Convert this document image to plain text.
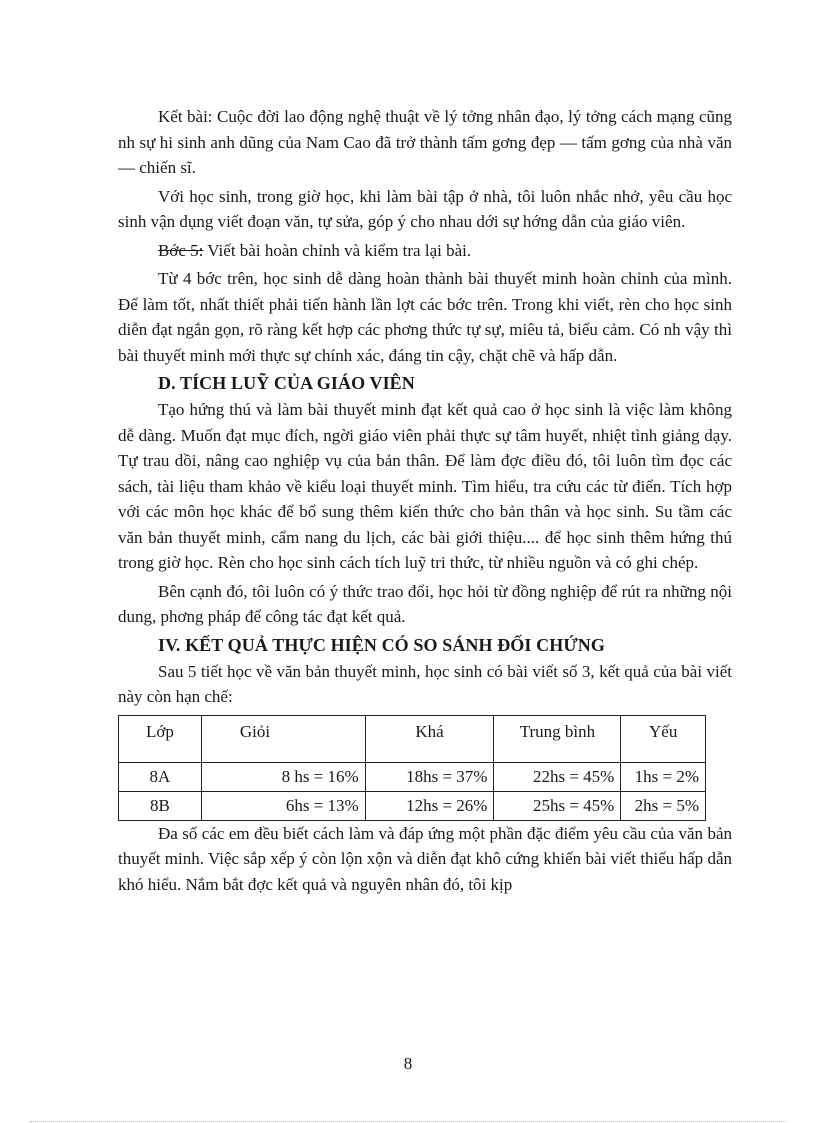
Kết bài: Cuộc đời lao động nghệ thuật về lý tởng nhân đạo, lý tởng cách mạng cũng nh sự hi sinh anh dũng của Nam Cao đã trở thành tấm gơng đẹp — tấm gơng của nhà văn — chiến sĩ.

Với học sinh, trong giờ học, khi làm bài tập ở nhà, tôi luôn nhắc nhở, yêu cầu học sinh vận dụng viết đoạn văn, tự sửa, góp ý cho nhau dới sự hớng dẫn của giáo viên.

Bớc 5: Viết bài hoàn chỉnh và kiểm tra lại bài.

Từ 4 bớc trên, học sinh dễ dàng hoàn thành bài thuyết minh hoàn chỉnh của mình. Để làm tốt, nhất thiết phải tiến hành lần lợt các bớc trên. Trong khi viết, rèn cho học sinh diễn đạt ngắn gọn, rõ ràng kết hợp các phơng thức tự sự, miêu tả, biểu cảm. Có nh vậy thì bài thuyết minh mới thực sự chính xác, đáng tin cậy, chặt chẽ và hấp dẫn.

D. TÍCH LUỸ CỦA GIÁO VIÊN

Tạo hứng thú và làm bài thuyết minh đạt kết quả cao ở học sinh là việc làm không dễ dàng. Muốn đạt mục đích, ngời giáo viên phải thực sự tâm huyết, nhiệt tình giảng dạy. Tự trau dồi, nâng cao nghiệp vụ của bản thân. Để làm đợc điều đó, tôi luôn tìm đọc các sách, tài liệu tham khảo về kiểu loại thuyết minh. Tìm hiểu, tra cứu các từ điển. Tích hợp với các môn học khác để bổ sung thêm kiến thức cho bản thân và học sinh. Su tầm các văn bản thuyết minh, cẩm nang du lịch, các bài giới thiệu.... để học sinh thêm hứng thú trong giờ học. Rèn cho học sinh cách tích luỹ tri thức, từ nhiều nguồn và có ghi chép.

Bên cạnh đó, tôi luôn có ý thức trao đổi, học hỏi từ đồng nghiệp để rút ra những nội dung, phơng pháp để công tác đạt kết quả.

IV. KẾT QUẢ THỰC HIỆN CÓ SO SÁNH ĐỐI CHỨNG

Sau 5 tiết học về văn bản thuyết minh, học sinh có bài viết số 3, kết quả của bài viết này còn hạn chế:

Lớp	Giỏi	Khá	Trung bình	Yếu
8A	8 hs = 16%	18hs = 37%	22hs = 45%	1hs = 2%
8B	6hs = 13%	12hs = 26%	25hs = 45%	2hs = 5%

Đa số các em đều biết cách làm và đáp ứng một phần đặc điểm yêu cầu của văn bản thuyết minh. Việc sắp xếp ý còn lộn xộn và diễn đạt khô cứng khiến bài viết thiếu hấp dẫn khó hiểu. Nắm bắt đợc kết quả và nguyên nhân đó, tôi kịp

8
